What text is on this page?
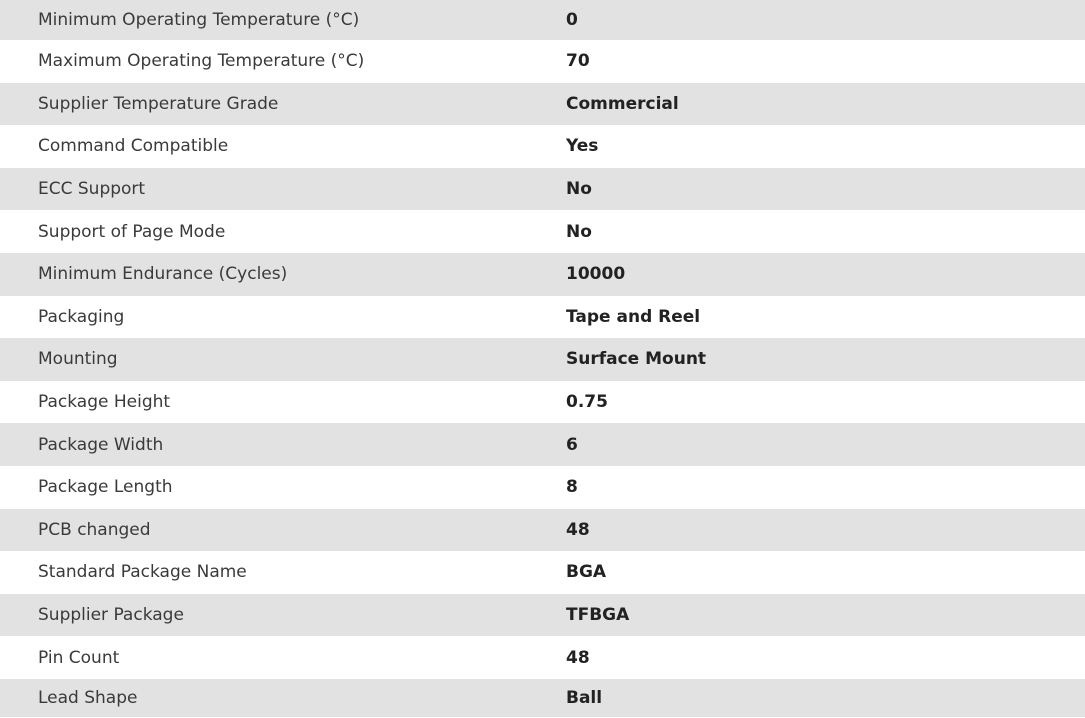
Minimum Operating Temperature (°C)	0
Maximum Operating Temperature (°C)	70
Supplier Temperature Grade	Commercial
Command Compatible	Yes
ECC Support	No
Support of Page Mode	No
Minimum Endurance (Cycles)	10000
Packaging	Tape and Reel
Mounting	Surface Mount
Package Height	0.75
Package Width	6
Package Length	8
PCB changed	48
Standard Package Name	BGA
Supplier Package	TFBGA
Pin Count	48
Lead Shape	Ball
